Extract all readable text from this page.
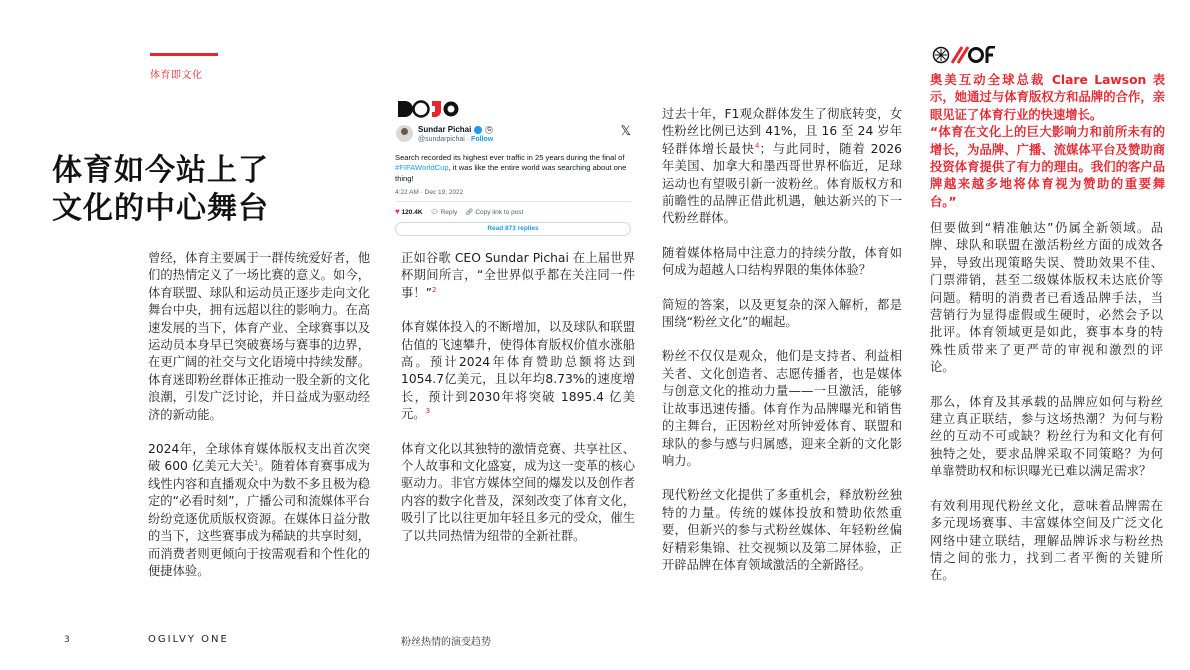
体育即文化
体育如今站上了
文化的中心舞台

曾经，体育主要属于一群传统爱好者，他们的热情定义了一场比赛的意义。如今，体育联盟、球队和运动员正逐步走向文化舞台中央，拥有远超以往的影响力。在高速发展的当下，体育产业、全球赛事以及运动员本身早已突破赛场与赛事的边界，在更广阔的社交与文化语境中持续发酵。体育迷即粉丝群体正推动一股全新的文化浪潮，引发广泛讨论，并日益成为驱动经济的新动能。

2024年，全球体育媒体版权支出首次突破 600 亿美元大关$^1$。随着体育赛事成为线性内容和直播观众中为数不多且极为稳定的“必看时刻”，广播公司和流媒体平台纷纷竞逐优质版权资源。在媒体日益分散的当下，这些赛事成为稀缺的共享时刻，而消费者则更倾向于按需观看和个性化的便捷体验。

Sundar Pichai	G
@sundarpichai · Follow
𝕏
Search recorded its highest ever traffic in 25 years during the final of #FIFAWorldCup, it was like the entire world was searching about one thing!
4:22 AM · Dec 19, 2022
♥ 120.4K 💬︎ Reply 🔗︎ Copy link to post
Read 873 replies

正如谷歌 CEO Sundar Pichai 在上届世界杯期间所言，“全世界似乎都在关注同一件事！”$^2$

体育媒体投入的不断增加，以及球队和联盟估值的飞速攀升，使得体育版权价值水涨船高。预计2024年体育赞助总额将达到1054.7亿美元，且以年均8.73%的速度增长，预计到2030年将突破 1895.4 亿美元。$^3$

体育文化以其独特的激情竞赛、共享社区、个人故事和文化盛宴，成为这一变革的核心驱动力。非官方媒体空间的爆发以及创作者内容的数字化普及，深刻改变了体育文化，吸引了比以往更加年轻且多元的受众，催生了以共同热情为纽带的全新社群。

过去十年，F1观众群体发生了彻底转变，女性粉丝比例已达到 41%，且 16 至 24 岁年轻群体增长最快$^4$；与此同时，随着 2026 年美国、加拿大和墨西哥世界杯临近，足球运动也有望吸引新一波粉丝。体育版权方和前瞻性的品牌正借此机遇，触达新兴的下一代粉丝群体。

随着媒体格局中注意力的持续分散，体育如何成为超越人口结构界限的集体体验？

简短的答案，以及更复杂的深入解析，都是围绕“粉丝文化”的崛起。

粉丝不仅仅是观众，他们是支持者、利益相关者、文化创造者、志愿传播者，也是媒体与创意文化的推动力量——一旦激活，能够让故事迅速传播。体育作为品牌曝光和销售的主舞台，正因粉丝对所钟爱体育、联盟和球队的参与感与归属感，迎来全新的文化影响力。

现代粉丝文化提供了多重机会，释放粉丝独特的力量。传统的媒体投放和赞助依然重要，但新兴的参与式粉丝媒体、年轻粉丝偏好精彩集锦、社交视频以及第二屏体验，正开辟品牌在体育领域激活的全新路径。

奥美互动全球总裁 Clare Lawson 表示，她通过与体育版权方和品牌的合作，亲眼见证了体育行业的快速增长。

“体育在文化上的巨大影响力和前所未有的增长，为品牌、广播、流媒体平台及赞助商投资体育提供了有力的理由。我们的客户品牌越来越多地将体育视为赞助的重要舞台。”

但要做到“精准触达”仍属全新领域。品牌、球队和联盟在激活粉丝方面的成效各异，导致出现策略失误、赞助效果不佳、门票滞销，甚至二级媒体版权未达底价等问题。精明的消费者已看透品牌手法，当营销行为显得虚假或生硬时，必然会予以批评。体育领域更是如此，赛事本身的特殊性质带来了更严苛的审视和激烈的评论。

那么，体育及其承载的品牌应如何与粉丝建立真正联结，参与这场热潮？为何与粉丝的互动不可或缺？粉丝行为和文化有何独特之处，要求品牌采取不同策略？为何单靠赞助权和标识曝光已难以满足需求？

有效利用现代粉丝文化，意味着品牌需在多元现场赛事、丰富媒体空间及广泛文化网络中建立联结，理解品牌诉求与粉丝热情之间的张力，找到二者平衡的关键所在。

3	OGILVY ONE	粉丝热情的演变趋势
